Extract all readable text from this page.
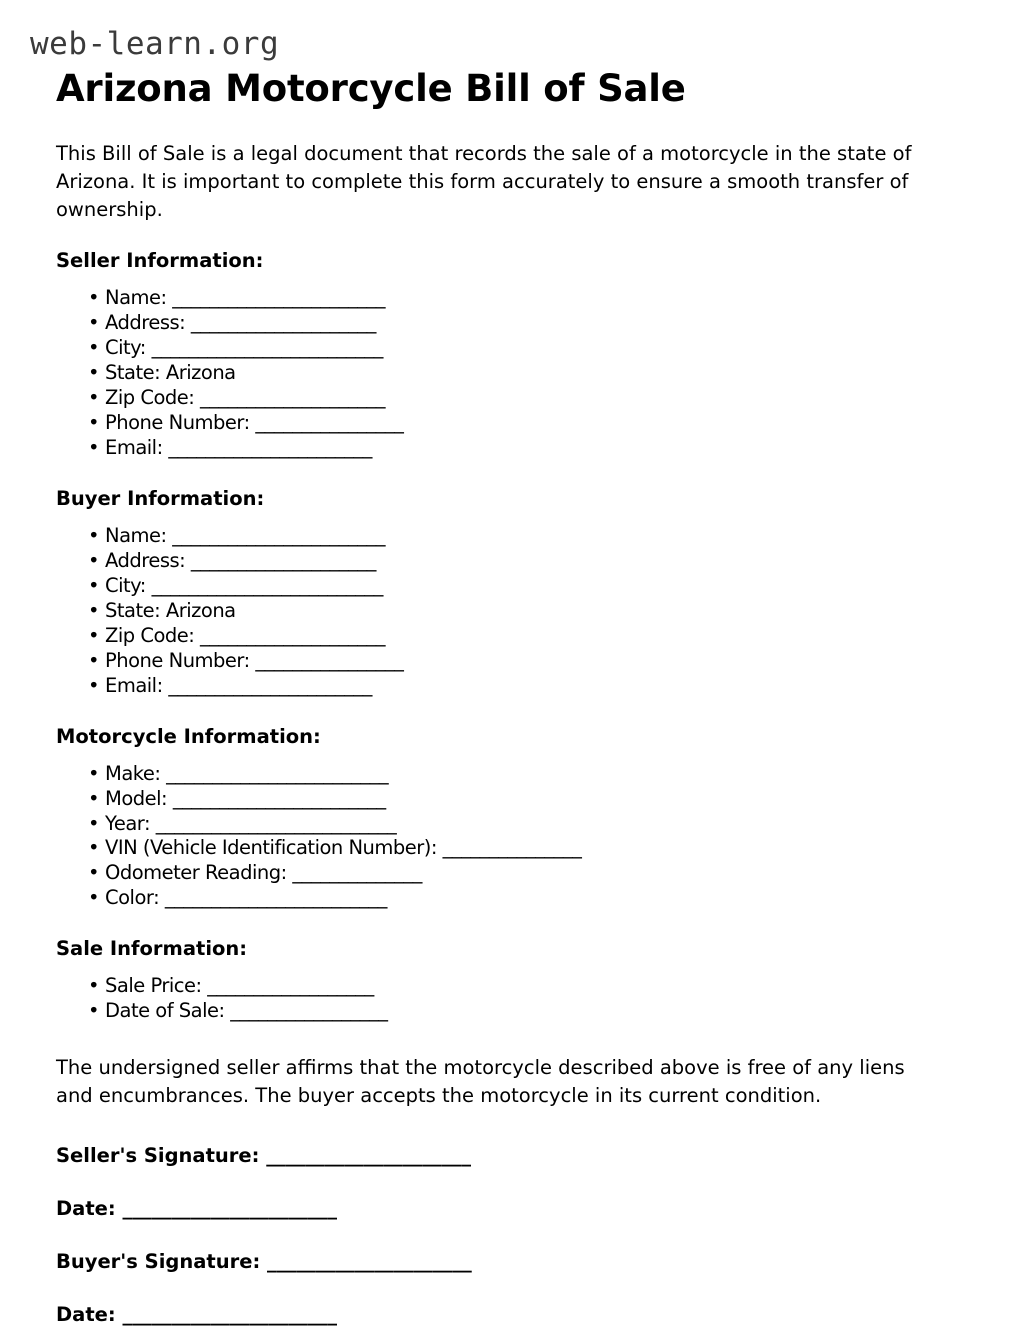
web-learn.org
Arizona Motorcycle Bill of Sale

This Bill of Sale is a legal document that records the sale of a motorcycle in the state of Arizona. It is important to complete this form accurately to ensure a smooth transfer of ownership.

Seller Information:
• Name: _______________________
• Address: ____________________
• City: _________________________
• State: Arizona
• Zip Code: ____________________
• Phone Number: ________________
• Email: ______________________
Buyer Information:
• Name: _______________________
• Address: ____________________
• City: _________________________
• State: Arizona
• Zip Code: ____________________
• Phone Number: ________________
• Email: ______________________
Motorcycle Information:
• Make: ________________________
• Model: _______________________
• Year: __________________________
• VIN (Vehicle Identification Number): _______________
• Odometer Reading: ______________
• Color: ________________________
Sale Information:
• Sale Price: __________________
• Date of Sale: _________________

The undersigned seller affirms that the motorcycle described above is free of any liens and encumbrances. The buyer accepts the motorcycle in its current condition.

Seller's Signature: _____________________
Date: ______________________
Buyer's Signature: _____________________
Date: ______________________
